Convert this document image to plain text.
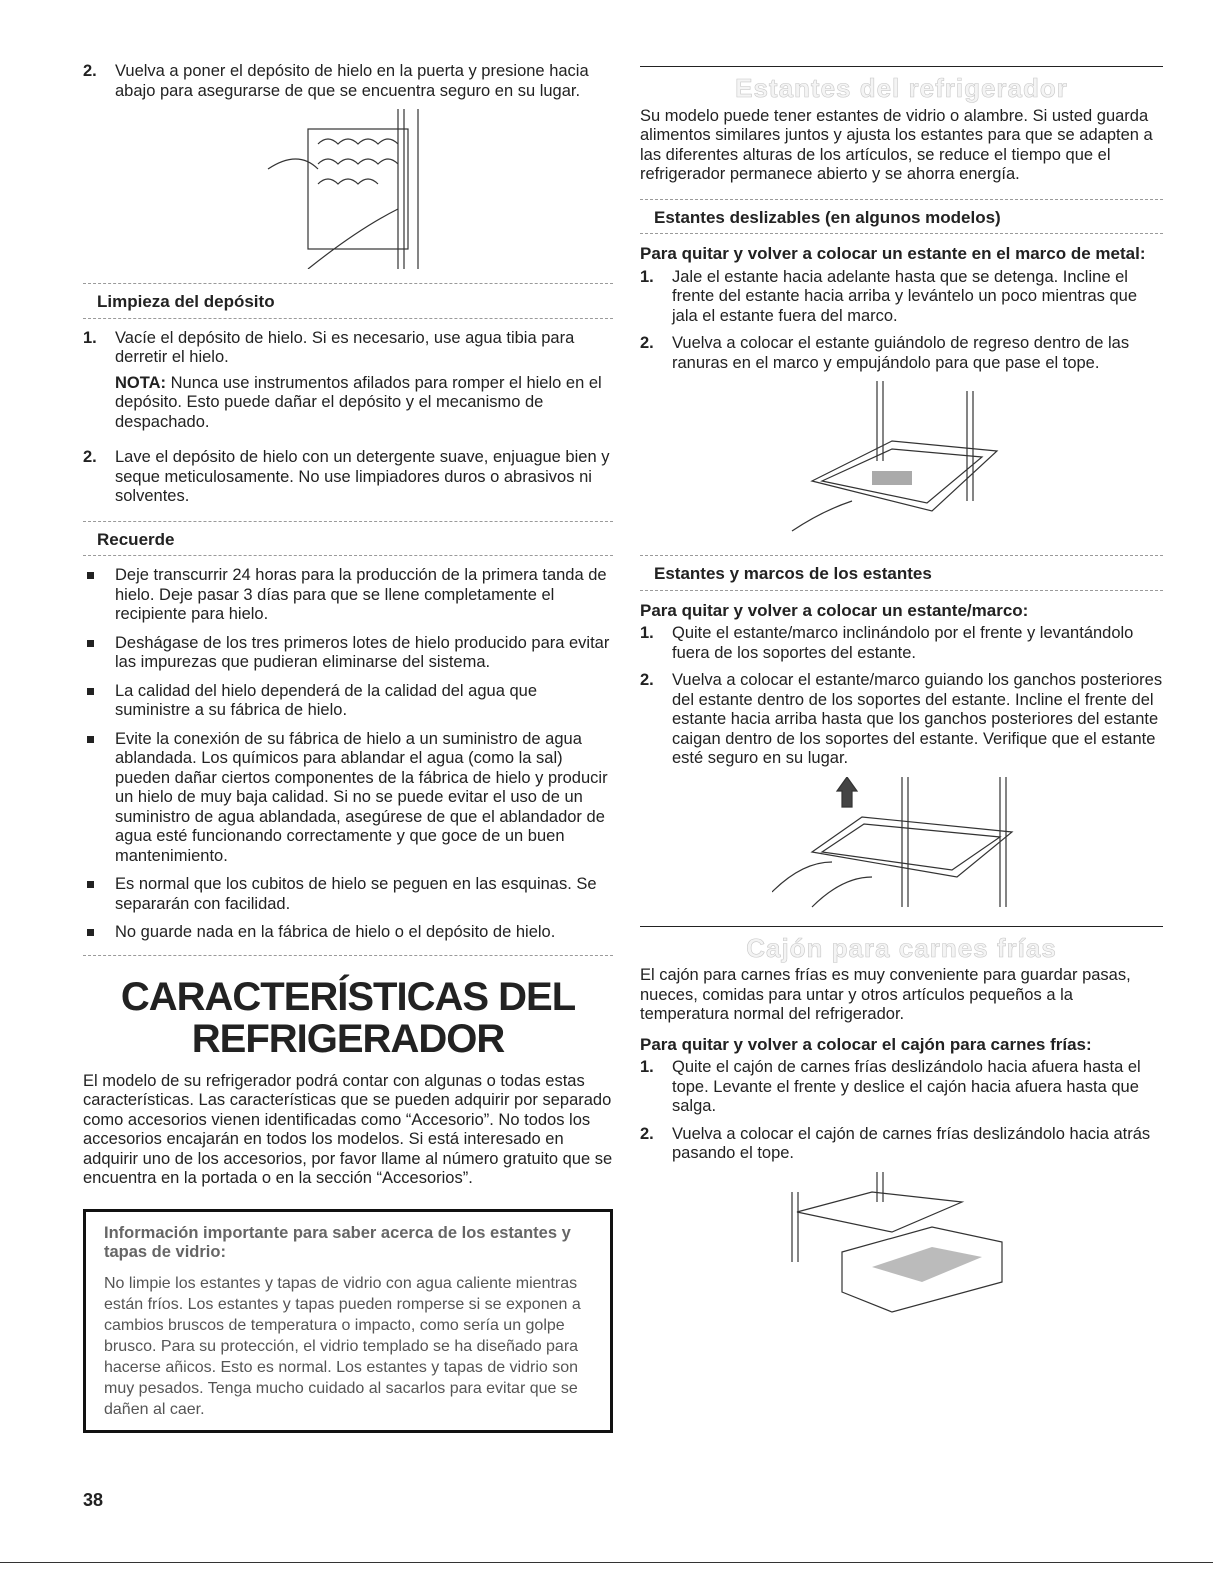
2.	Vuelva a poner el depósito de hielo en la puerta y presione hacia abajo para asegurarse de que se encuentra seguro en su lugar.
Limpieza del depósito
1.	Vacíe el depósito de hielo. Si es necesario, use agua tibia para derretir el hielo.
NOTA: Nunca use instrumentos afilados para romper el hielo en el depósito. Esto puede dañar el depósito y el mecanismo de despachado.
2.	Lave el depósito de hielo con un detergente suave, enjuague bien y seque meticulosamente. No use limpiadores duros o abrasivos ni solventes.
Recuerde
Deje transcurrir 24 horas para la producción de la primera tanda de hielo. Deje pasar 3 días para que se llene completamente el recipiente para hielo.
Deshágase de los tres primeros lotes de hielo producido para evitar las impurezas que pudieran eliminarse del sistema.
La calidad del hielo dependerá de la calidad del agua que suministre a su fábrica de hielo.
Evite la conexión de su fábrica de hielo a un suministro de agua ablandada. Los químicos para ablandar el agua (como la sal) pueden dañar ciertos componentes de la fábrica de hielo y producir un hielo de muy baja calidad. Si no se puede evitar el uso de un suministro de agua ablandada, asegúrese de que el ablandador de agua esté funcionando correctamente y que goce de un buen mantenimiento.
Es normal que los cubitos de hielo se peguen en las esquinas. Se separarán con facilidad.
No guarde nada en la fábrica de hielo o el depósito de hielo.
CARACTERÍSTICAS DEL
REFRIGERADOR
El modelo de su refrigerador podrá contar con algunas o todas estas características. Las características que se pueden adquirir por separado como accesorios vienen identificadas como “Accesorio”. No todos los accesorios encajarán en todos los modelos. Si está interesado en adquirir uno de los accesorios, por favor llame al número gratuito que se encuentra en la portada o en la sección “Accesorios”.
Información importante para saber acerca de los estantes y tapas de vidrio:
No limpie los estantes y tapas de vidrio con agua caliente mientras están fríos. Los estantes y tapas pueden romperse si se exponen a cambios bruscos de temperatura o impacto, como sería un golpe brusco. Para su protección, el vidrio templado se ha diseñado para hacerse añicos. Esto es normal. Los estantes y tapas de vidrio son muy pesados. Tenga mucho cuidado al sacarlos para evitar que se dañen al caer.
38
Estantes del refrigerador
Su modelo puede tener estantes de vidrio o alambre. Si usted guarda alimentos similares juntos y ajusta los estantes para que se adapten a las diferentes alturas de los artículos, se reduce el tiempo que el refrigerador permanece abierto y se ahorra energía.
Estantes deslizables (en algunos modelos)
Para quitar y volver a colocar un estante en el marco de metal:
1.	Jale el estante hacia adelante hasta que se detenga. Incline el frente del estante hacia arriba y levántelo un poco mientras que jala el estante fuera del marco.
2.	Vuelva a colocar el estante guiándolo de regreso dentro de las ranuras en el marco y empujándolo para que pase el tope.
Estantes y marcos de los estantes
Para quitar y volver a colocar un estante/marco:
1.	Quite el estante/marco inclinándolo por el frente y levantándolo fuera de los soportes del estante.
2.	Vuelva a colocar el estante/marco guiando los ganchos posteriores del estante dentro de los soportes del estante. Incline el frente del estante hacia arriba hasta que los ganchos posteriores del estante caigan dentro de los soportes del estante. Verifique que el estante esté seguro en su lugar.
Cajón para carnes frías
El cajón para carnes frías es muy conveniente para guardar pasas, nueces, comidas para untar y otros artículos pequeños a la temperatura normal del refrigerador.
Para quitar y volver a colocar el cajón para carnes frías:
1.	Quite el cajón de carnes frías deslizándolo hacia afuera hasta el tope. Levante el frente y deslice el cajón hacia afuera hasta que salga.
2.	Vuelva a colocar el cajón de carnes frías deslizándolo hacia atrás pasando el tope.
